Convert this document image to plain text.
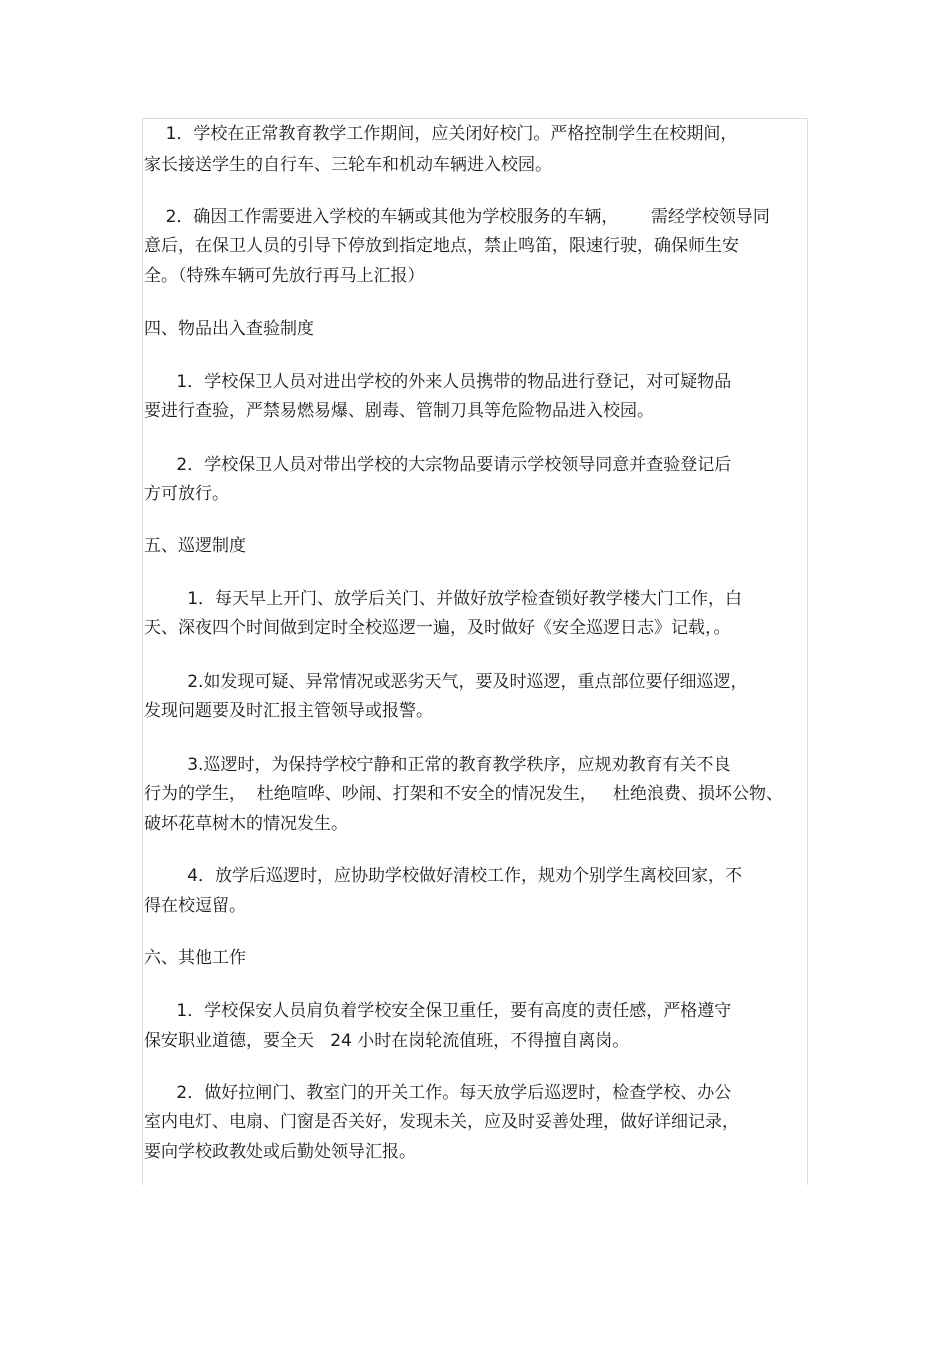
1．学校在正常教育教学工作期间，应关闭好校门。严格控制学生在校期间，
家长接送学生的自行车、三轮车和机动车辆进入校园。
2．确因工作需要进入学校的车辆或其他为学校服务的车辆，      需经学校领导同
意后，在保卫人员的引导下停放到指定地点，禁止鸣笛，限速行驶，确保师生安
全。（特殊车辆可先放行再马上汇报）
四、物品出入查验制度
1．学校保卫人员对进出学校的外来人员携带的物品进行登记，对可疑物品
要进行查验，严禁易燃易爆、剧毒、管制刀具等危险物品进入校园。
2．学校保卫人员对带出学校的大宗物品要请示学校领导同意并查验登记后
方可放行。
五、巡逻制度
1．每天早上开门、放学后关门、并做好放学检查锁好教学楼大门工作，白
天、深夜四个时间做到定时全校巡逻一遍，及时做好《安全巡逻日志》记载，。
2.如发现可疑、异常情况或恶劣天气，要及时巡逻，重点部位要仔细巡逻，
发现问题要及时汇报主管领导或报警。
3.巡逻时，为保持学校宁静和正常的教育教学秩序，应规劝教育有关不良
行为的学生，  杜绝喧哗、吵闹、打架和不安全的情况发生，   杜绝浪费、损坏公物、
破坏花草树木的情况发生。
4．放学后巡逻时，应协助学校做好清校工作，规劝个别学生离校回家，不
得在校逗留。
六、其他工作
1．学校保安人员肩负着学校安全保卫重任，要有高度的责任感，严格遵守
保安职业道德，要全天   24 小时在岗轮流值班，不得擅自离岗。
2．做好拉闸门、教室门的开关工作。每天放学后巡逻时，检查学校、办公
室内电灯、电扇、门窗是否关好，发现未关，应及时妥善处理，做好详细记录，
要向学校政教处或后勤处领导汇报。
